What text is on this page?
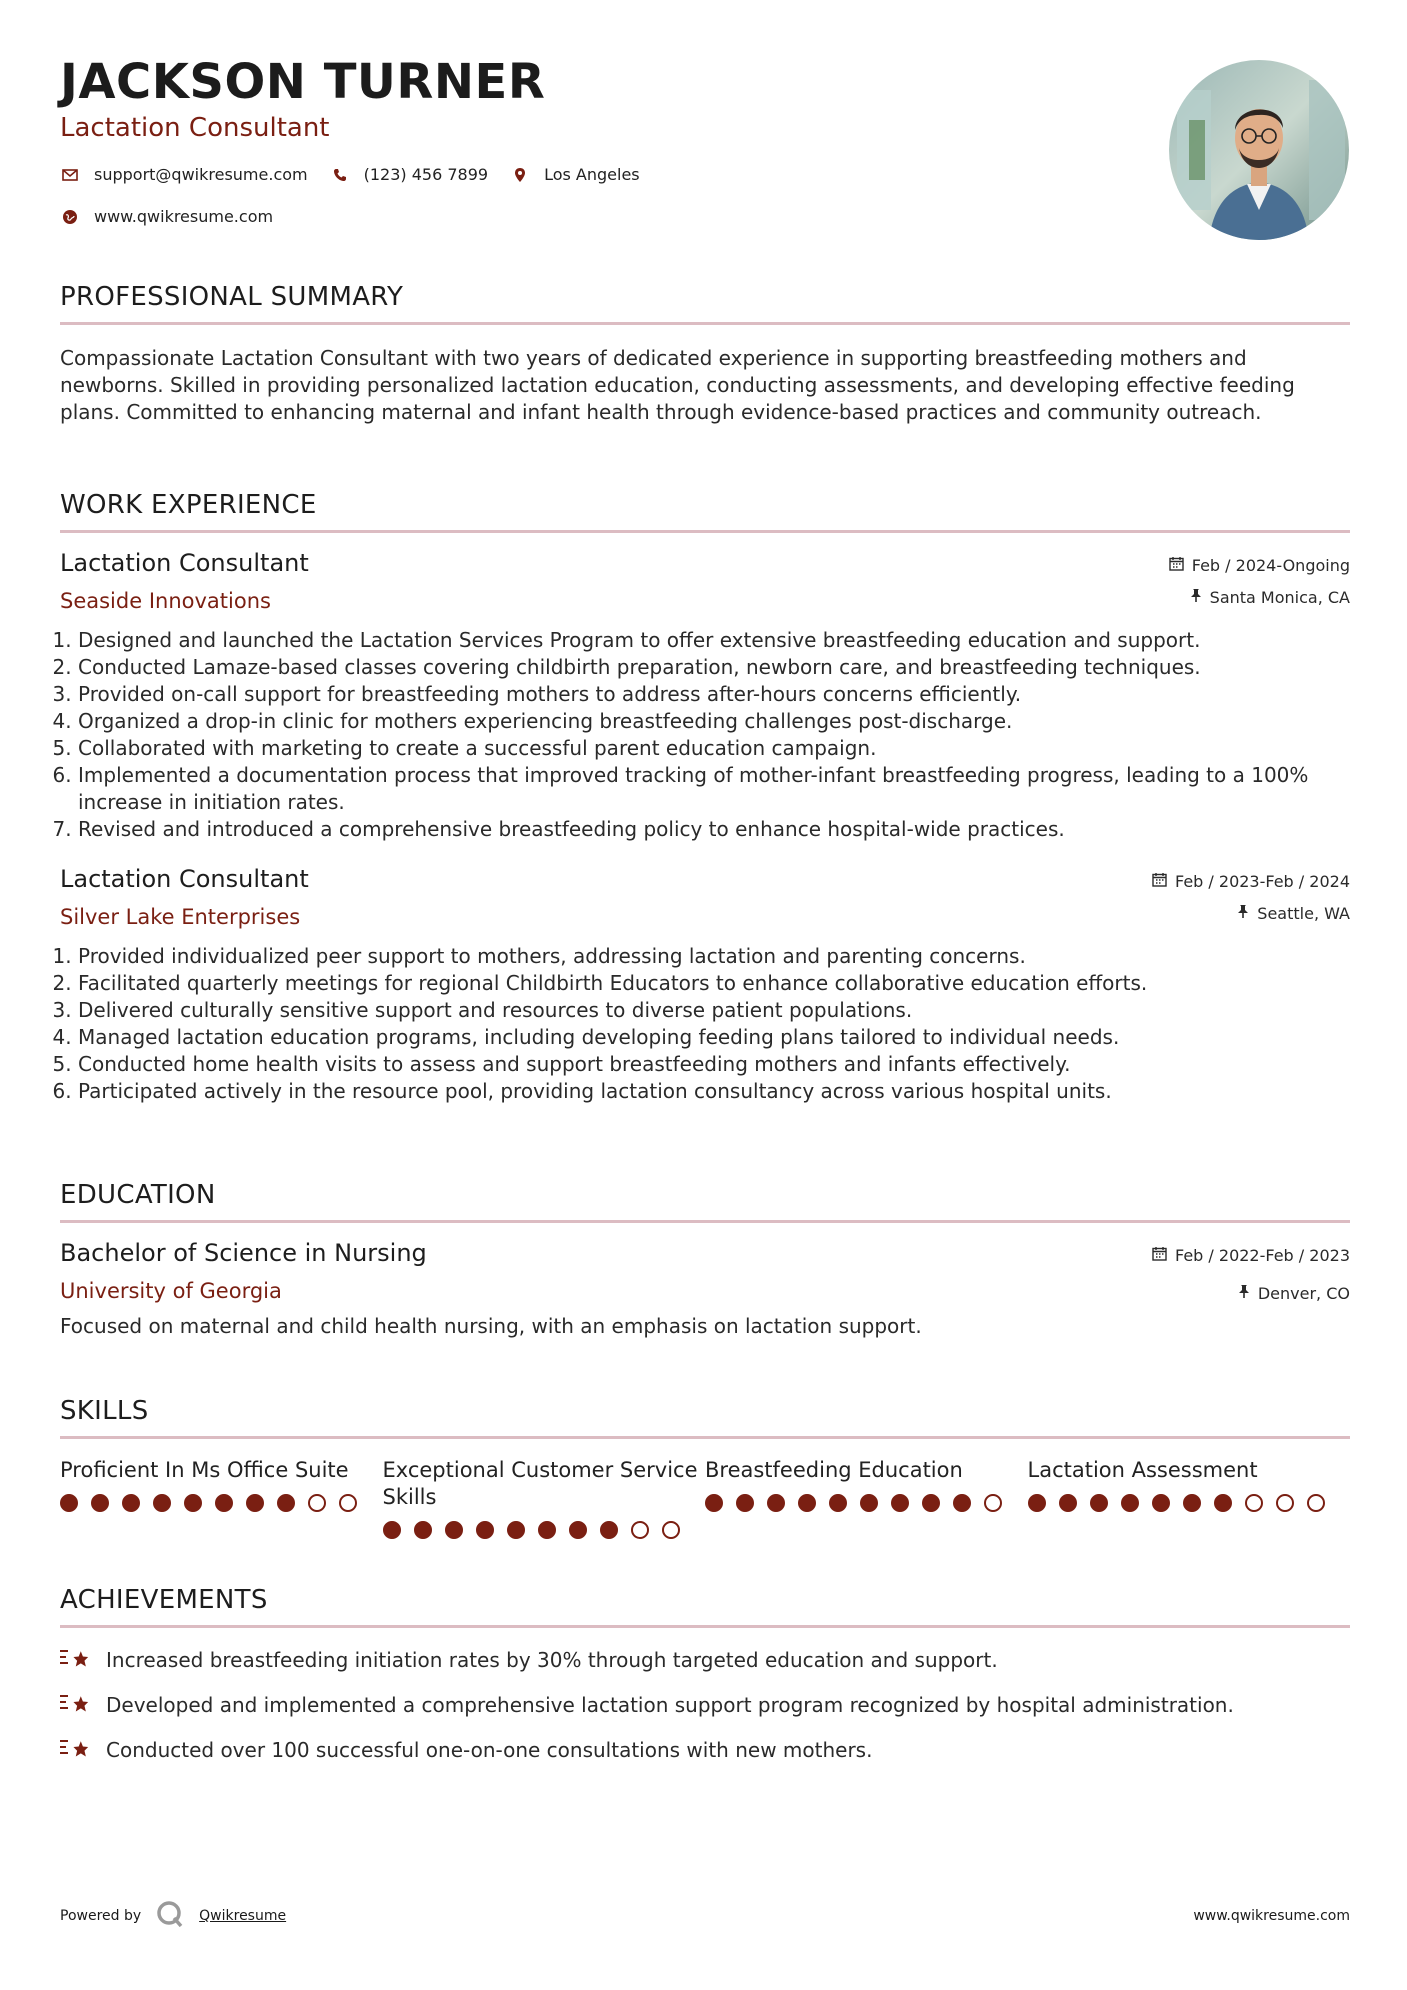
JACKSON TURNER
Lactation Consultant
support@qwikresume.com	(123) 456 7899	Los Angeles
www.qwikresume.com
PROFESSIONAL SUMMARY
Compassionate Lactation Consultant with two years of dedicated experience in supporting breastfeeding mothers and newborns. Skilled in providing personalized lactation education, conducting assessments, and developing effective feeding plans. Committed to enhancing maternal and infant health through evidence-based practices and community outreach.
WORK EXPERIENCE
Lactation Consultant
Seaside Innovations
Feb / 2024-Ongoing
Santa Monica, CA
1. Designed and launched the Lactation Services Program to offer extensive breastfeeding education and support.
2. Conducted Lamaze-based classes covering childbirth preparation, newborn care, and breastfeeding techniques.
3. Provided on-call support for breastfeeding mothers to address after-hours concerns efficiently.
4. Organized a drop-in clinic for mothers experiencing breastfeeding challenges post-discharge.
5. Collaborated with marketing to create a successful parent education campaign.
6. Implemented a documentation process that improved tracking of mother-infant breastfeeding progress, leading to a 100% increase in initiation rates.
7. Revised and introduced a comprehensive breastfeeding policy to enhance hospital-wide practices.
Lactation Consultant
Silver Lake Enterprises
Feb / 2023-Feb / 2024
Seattle, WA
1. Provided individualized peer support to mothers, addressing lactation and parenting concerns.
2. Facilitated quarterly meetings for regional Childbirth Educators to enhance collaborative education efforts.
3. Delivered culturally sensitive support and resources to diverse patient populations.
4. Managed lactation education programs, including developing feeding plans tailored to individual needs.
5. Conducted home health visits to assess and support breastfeeding mothers and infants effectively.
6. Participated actively in the resource pool, providing lactation consultancy across various hospital units.
EDUCATION
Bachelor of Science in Nursing
University of Georgia
Feb / 2022-Feb / 2023
Denver, CO
Focused on maternal and child health nursing, with an emphasis on lactation support.
SKILLS
Proficient In Ms Office Suite	Exceptional Customer Service Skills
Breastfeeding Education	Lactation Assessment
ACHIEVEMENTS
Increased breastfeeding initiation rates by 30% through targeted education and support.
Developed and implemented a comprehensive lactation support program recognized by hospital administration.
Conducted over 100 successful one-on-one consultations with new mothers.
Powered by	Qwikresume	www.qwikresume.com
